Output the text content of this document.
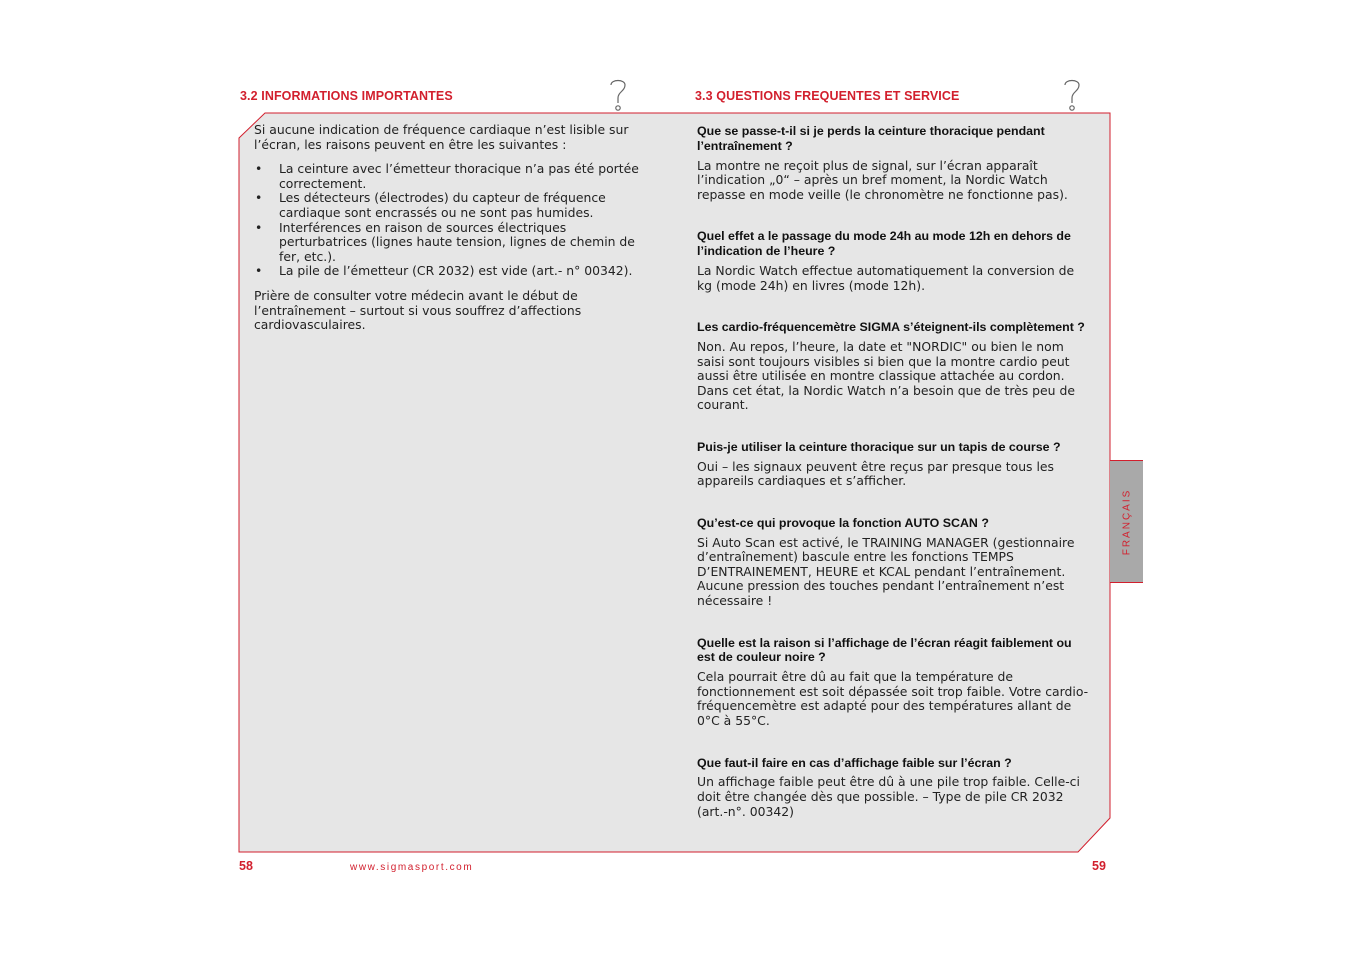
3.2 INFORMATIONS IMPORTANTES	3.3 QUESTIONS FREQUENTES ET SERVICE

Si aucune indication de fréquence cardiaque n’est lisible sur l’écran, les raisons peuvent en être les suivantes :

• La ceinture avec l’émetteur thoracique n’a pas été portée correctement.
• Les détecteurs (électrodes) du capteur de fréquence cardiaque sont encrassés ou ne sont pas humides.
• Interférences en raison de sources électriques perturbatrices (lignes haute tension, lignes de chemin de fer, etc.).
• La pile de l’émetteur (CR 2032) est vide (art.- n° 00342).

Prière de consulter votre médecin avant le début de l’entraînement – surtout si vous souffrez d’affections cardiovasculaires.

Que se passe-t-il si je perds la ceinture thoracique pendant l’entraînement ?

La montre ne reçoit plus de signal, sur l’écran apparaît l’indication „0“ – après un bref moment, la Nordic Watch repasse en mode veille (le chronomètre ne fonctionne pas).

Quel effet a le passage du mode 24h au mode 12h en dehors de l’indication de l’heure ?

La Nordic Watch effectue automatiquement la conversion de kg (mode 24h) en livres (mode 12h).

Les cardio-fréquencemètre SIGMA s’éteignent-ils complètement ?

Non. Au repos, l’heure, la date et "NORDIC" ou bien le nom saisi sont toujours visibles si bien que la montre cardio peut aussi être utilisée en montre classique attachée au cordon. Dans cet état, la Nordic Watch n’a besoin que de très peu de courant.

Puis-je utiliser la ceinture thoracique sur un tapis de course ?

Oui – les signaux peuvent être reçus par presque tous les appareils cardiaques et s’afficher.

Qu’est-ce qui provoque la fonction AUTO SCAN ?

Si Auto Scan est activé, le TRAINING MANAGER (gestionnaire d’entraînement) bascule entre les fonctions TEMPS D’ENTRAINEMENT, HEURE et KCAL pendant l’entraînement. Aucune pression des touches pendant l’entraînement n’est nécessaire !

Quelle est la raison si l’affichage de l’écran réagit faiblement ou est de couleur noire ?

Cela pourrait être dû au fait que la température de fonctionnement est soit dépassée soit trop faible. Votre cardio-fréquencemètre est adapté pour des températures allant de 0°C à 55°C.

Que faut-il faire en cas d’affichage faible sur l’écran ?

Un affichage faible peut être dû à une pile trop faible. Celle-ci doit être changée dès que possible. – Type de pile CR 2032 (art.-n°. 00342)

FRANÇAIS
58	www.sigmasport.com	59
